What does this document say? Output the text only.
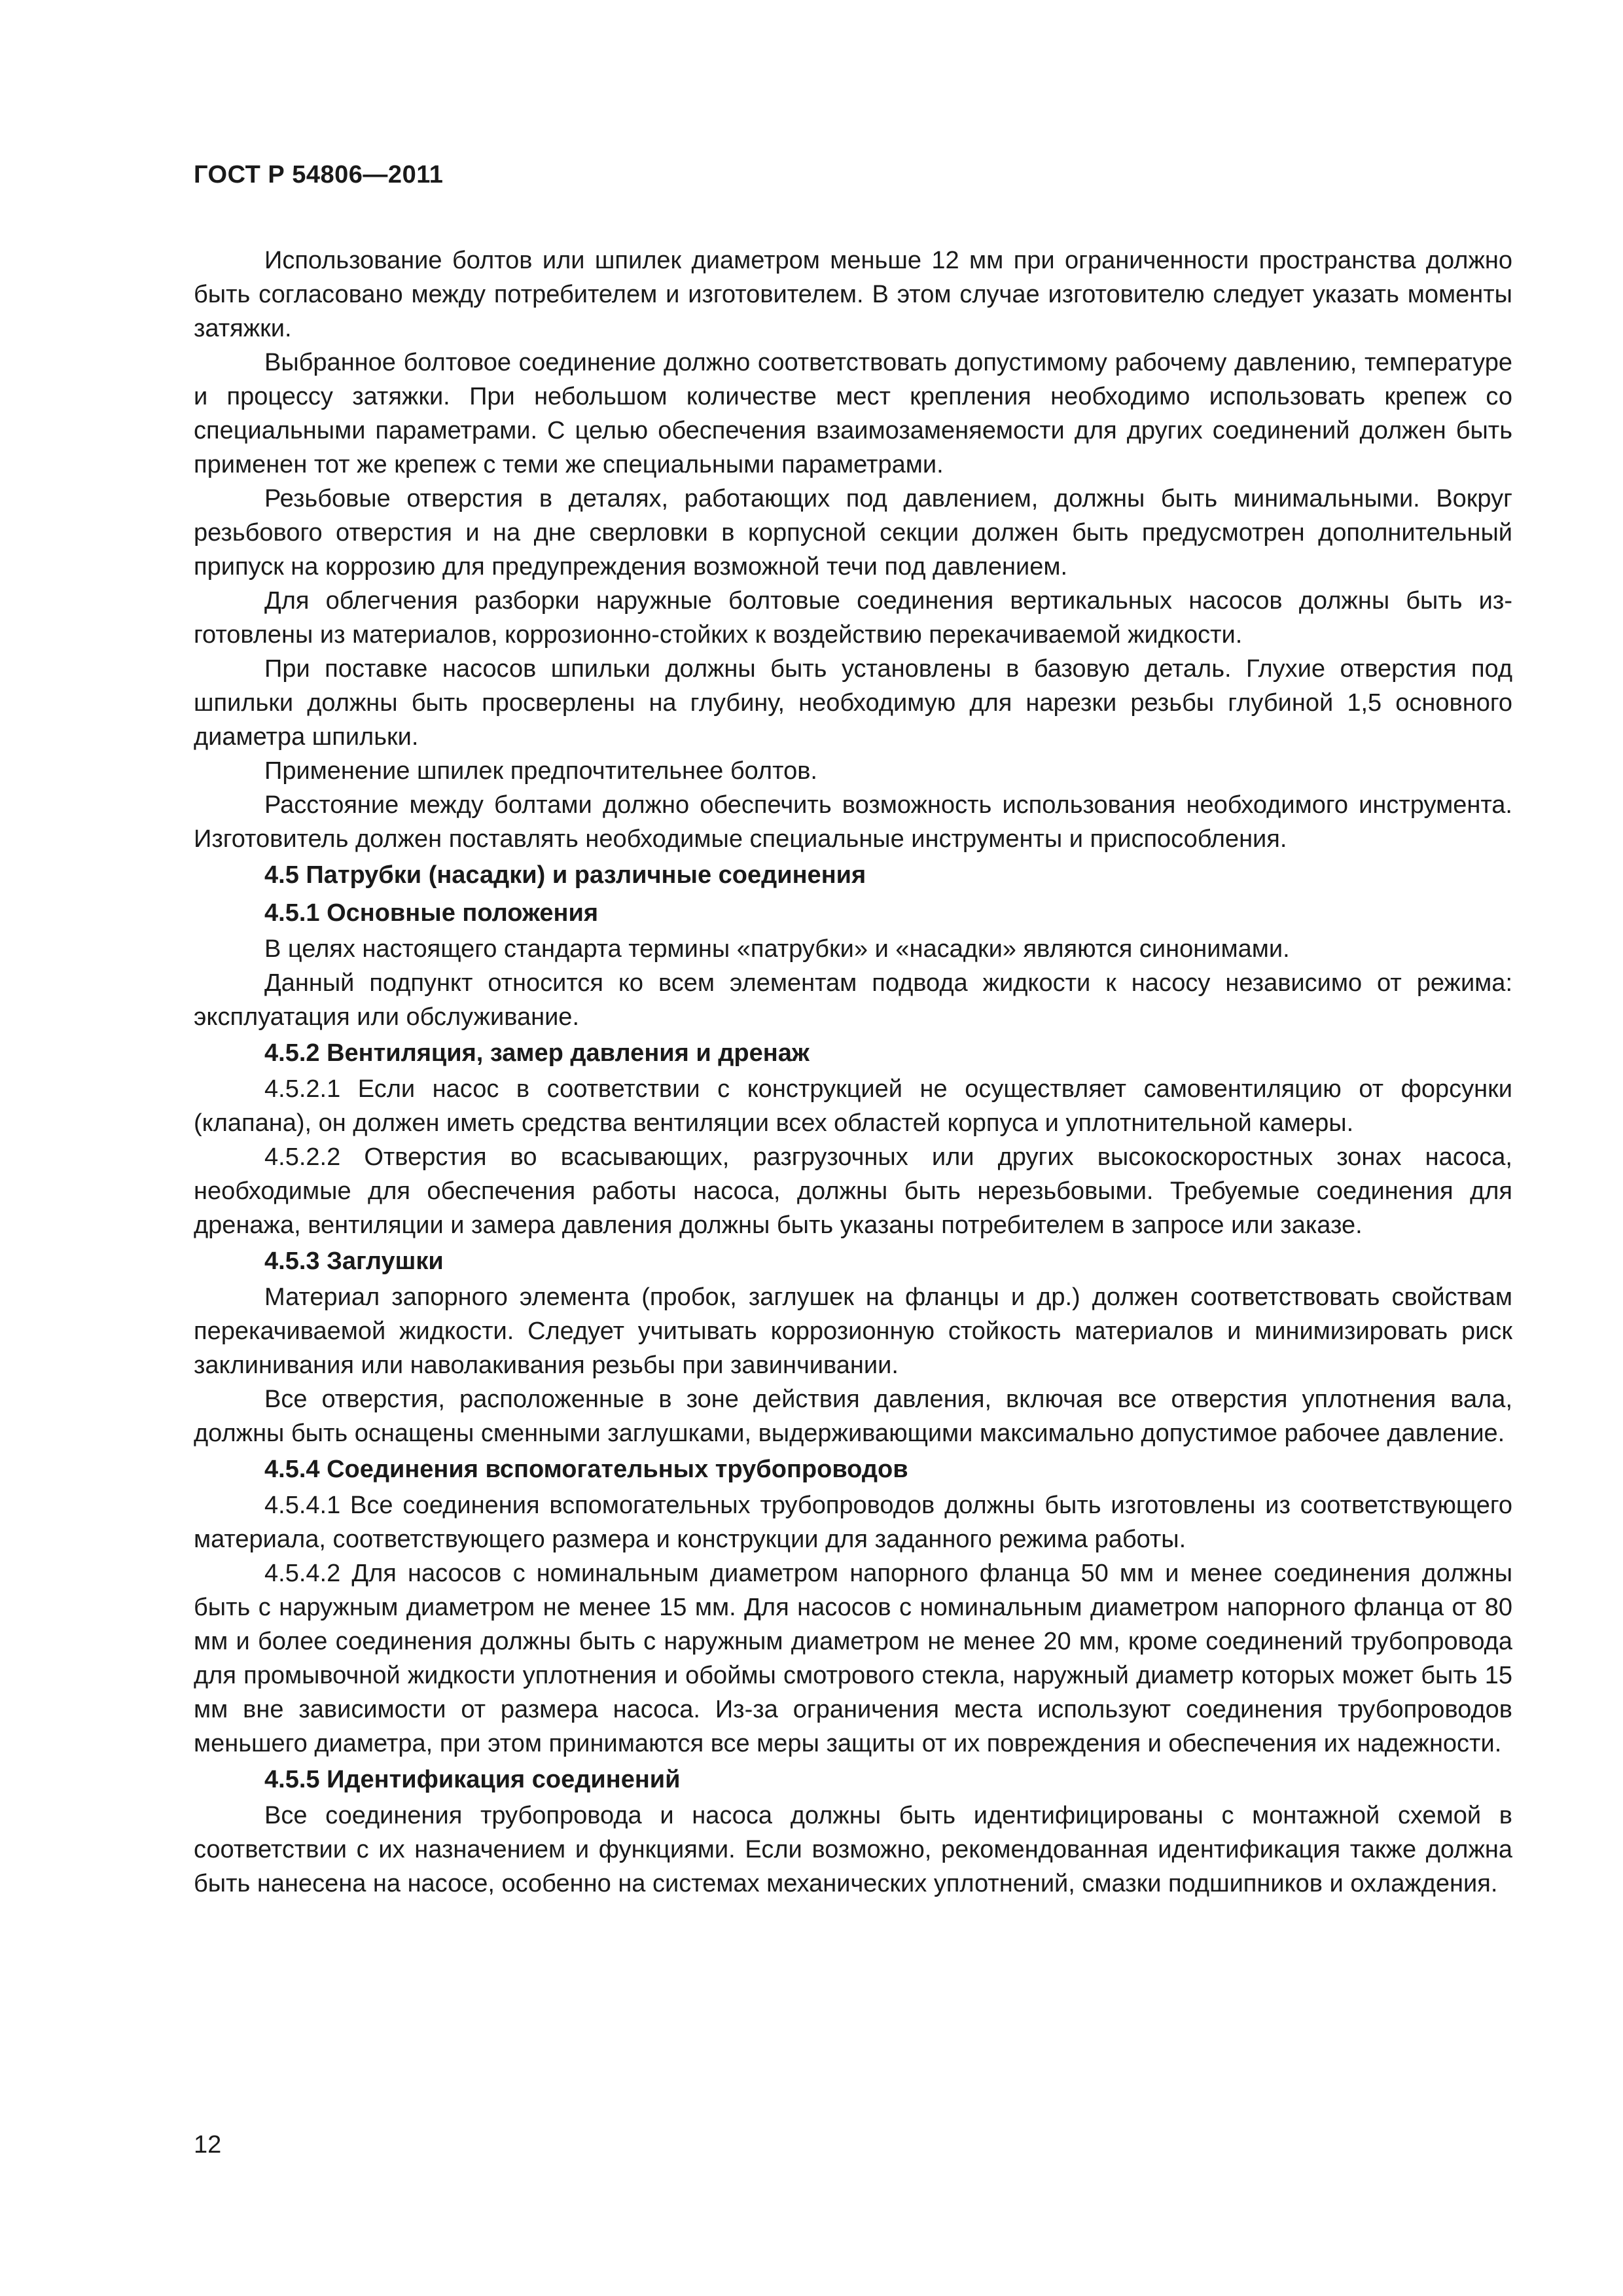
ГОСТ Р 54806—2011

Использование болтов или шпилек диаметром меньше 12 мм при ограниченности пространства должно быть согласовано между потребителем и изготовителем. В этом случае изготовителю следует указать моменты затяжки.

Выбранное болтовое соединение должно соответствовать допустимому рабочему давлению, температуре и процессу затяжки. При небольшом количестве мест крепления необходимо использовать крепеж со специальными параметрами. С целью обеспечения взаимозаменяемости для других соединений должен быть применен тот же крепеж с теми же специальными параметрами.

Резьбовые отверстия в деталях, работающих под давлением, должны быть минимальными. Вокруг резьбового отверстия и на дне сверловки в корпусной секции должен быть предусмотрен дополнительный припуск на коррозию для предупреждения возможной течи под давлением.

Для облегчения разборки наружные болтовые соединения вертикальных насосов должны быть изготовлены из материалов, коррозионно-стойких к воздействию перекачиваемой жидкости.

При поставке насосов шпильки должны быть установлены в базовую деталь. Глухие отверстия под шпильки должны быть просверлены на глубину, необходимую для нарезки резьбы глубиной 1,5 основного диаметра шпильки.

Применение шпилек предпочтительнее болтов.

Расстояние между болтами должно обеспечить возможность использования необходимого инструмента. Изготовитель должен поставлять необходимые специальные инструменты и приспособления.

4.5 Патрубки (насадки) и различные соединения
4.5.1 Основные положения

В целях настоящего стандарта термины «патрубки» и «насадки» являются синонимами.

Данный подпункт относится ко всем элементам подвода жидкости к насосу независимо от режима: эксплуатация или обслуживание.

4.5.2 Вентиляция, замер давления и дренаж

4.5.2.1 Если насос в соответствии с конструкцией не осуществляет самовентиляцию от форсунки (клапана), он должен иметь средства вентиляции всех областей корпуса и уплотнительной камеры.

4.5.2.2 Отверстия во всасывающих, разгрузочных или других высокоскоростных зонах насоса, необходимые для обеспечения работы насоса, должны быть нерезьбовыми. Требуемые соединения для дренажа, вентиляции и замера давления должны быть указаны потребителем в запросе или заказе.

4.5.3 Заглушки

Материал запорного элемента (пробок, заглушек на фланцы и др.) должен соответствовать свойствам перекачиваемой жидкости. Следует учитывать коррозионную стойкость материалов и минимизировать риск заклинивания или наволакивания резьбы при завинчивании.

Все отверстия, расположенные в зоне действия давления, включая все отверстия уплотнения вала, должны быть оснащены сменными заглушками, выдерживающими максимально допустимое рабочее давление.

4.5.4 Соединения вспомогательных трубопроводов

4.5.4.1 Все соединения вспомогательных трубопроводов должны быть изготовлены из соответствующего материала, соответствующего размера и конструкции для заданного режима работы.

4.5.4.2 Для насосов с номинальным диаметром напорного фланца 50 мм и менее соединения должны быть с наружным диаметром не менее 15 мм. Для насосов с номинальным диаметром напорного фланца от 80 мм и более соединения должны быть с наружным диаметром не менее 20 мм, кроме соединений трубопровода для промывочной жидкости уплотнения и обоймы смотрового стекла, наружный диаметр которых может быть 15 мм вне зависимости от размера насоса. Из-за ограничения места используют соединения трубопроводов меньшего диаметра, при этом принимаются все меры защиты от их повреждения и обеспечения их надежности.

4.5.5 Идентификация соединений

Все соединения трубопровода и насоса должны быть идентифицированы с монтажной схемой в соответствии с их назначением и функциями. Если возможно, рекомендованная идентификация также должна быть нанесена на насосе, особенно на системах механических уплотнений, смазки подшипников и охлаждения.

12
